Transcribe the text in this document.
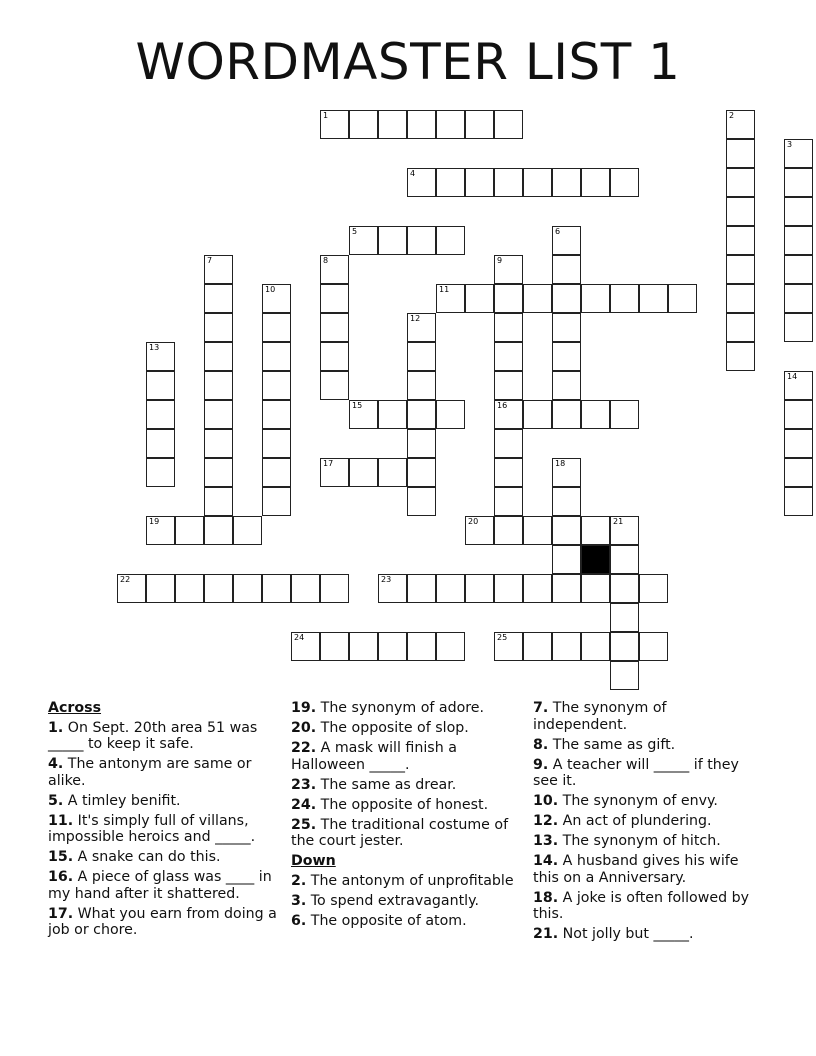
WORDMASTER LIST 1
1	2
3
4
5	6
7	8	9
16
10	11
12
13
14
15
17	18
19	20	21
22	23
24	25
Across
1. On Sept. 20th area 51 was _____ to keep it safe.
4. The antonym are same or alike.
5. A timley benifit.
11. It's simply full of villans, impossible heroics and _____.
15. A snake can do this.
16. A piece of glass was ____ in my hand after it shattered.
17. What you earn from doing a job or chore.
19. The synonym of adore.
20. The opposite of slop.
22. A mask will finish a Halloween _____.
23. The same as drear.
24. The opposite of honest.
25. The traditional costume of the court jester.
Down
2. The antonym of unprofitable
3. To spend extravagantly.
6. The opposite of atom.
7. The synonym of independent.
8. The same as gift.
9. A teacher will _____ if they see it.
10. The synonym of envy.
12. An act of plundering.
13. The synonym of hitch.
14. A husband gives his wife this on a Anniversary.
18. A joke is often followed by this.
21. Not jolly but _____.
